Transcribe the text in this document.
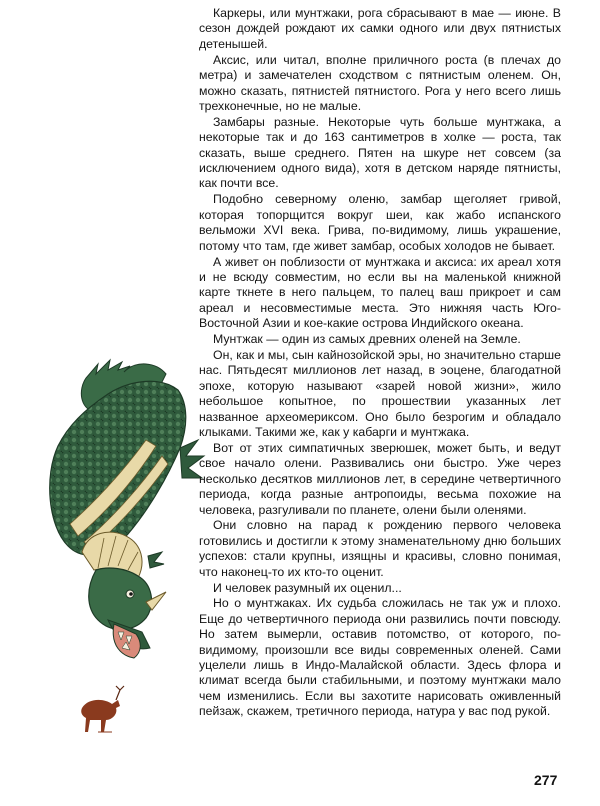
Каркеры, или мунтжаки, рога сбрасывают в мае — июне. В сезон дождей рождают их самки одного или двух пятнистых детенышей.

Аксис, или читал, вполне приличного роста (в плечах до метра) и замечателен сходством с пятнистым оленем. Он, можно сказать, пятнистей пятнистого. Рога у него всего лишь трехконечные, но не малые.

Замбары разные. Некоторые чуть больше мунтжака, а некоторые так и до 163 сантиметров в холке — роста, так сказать, выше среднего. Пятен на шкуре нет совсем (за исключением одного вида), хотя в детском наряде пятнисты, как почти все.

Подобно северному оленю, замбар щеголяет гривой, которая топорщится вокруг шеи, как жабо испанского вельможи XVI века. Грива, по-видимому, лишь украшение, потому что там, где живет замбар, особых холодов не бывает.

А живет он поблизости от мунтжака и аксиса: их ареал хотя и не всюду совместим, но если вы на маленькой книжной карте ткнете в него пальцем, то палец ваш прикроет и сам ареал и несовместимые места. Это нижняя часть Юго-Восточной Азии и кое-какие острова Индийского океана.

Мунтжак — один из самых древних оленей на Земле.

Он, как и мы, сын кайнозойской эры, но значительно старше нас. Пятьдесят миллионов лет назад, в эоцене, благодатной эпохе, которую называют «зарей новой жизни», жило небольшое копытное, по прошествии указанных лет названное археомериксом. Оно было безрогим и обладало клыками. Такими же, как у кабарги и мунтжака.

Вот от этих симпатичных зверюшек, может быть, и ведут свое начало олени. Развивались они быстро. Уже через несколько десятков миллионов лет, в середине четвертичного периода, когда разные антропоиды, весьма похожие на человека, разгуливали по планете, олени были оленями.

Они словно на парад к рождению первого человека готовились и достигли к этому знаменательному дню больших успехов: стали крупны, изящны и красивы, словно понимая, что наконец-то их кто-то оценит.

И человек разумный их оценил...

Но о мунтжаках. Их судьба сложилась не так уж и плохо. Еще до четвертичного периода они развились почти повсюду. Но затем вымерли, оставив потомство, от которого, по-видимому, произошли все виды современных оленей. Сами уцелели лишь в Индо-Малайской области. Здесь флора и климат всегда были стабильными, и поэтому мунтжаки мало чем изменились. Если вы захотите нарисовать оживленный пейзаж, скажем, третичного периода, натура у вас под рукой.

277
